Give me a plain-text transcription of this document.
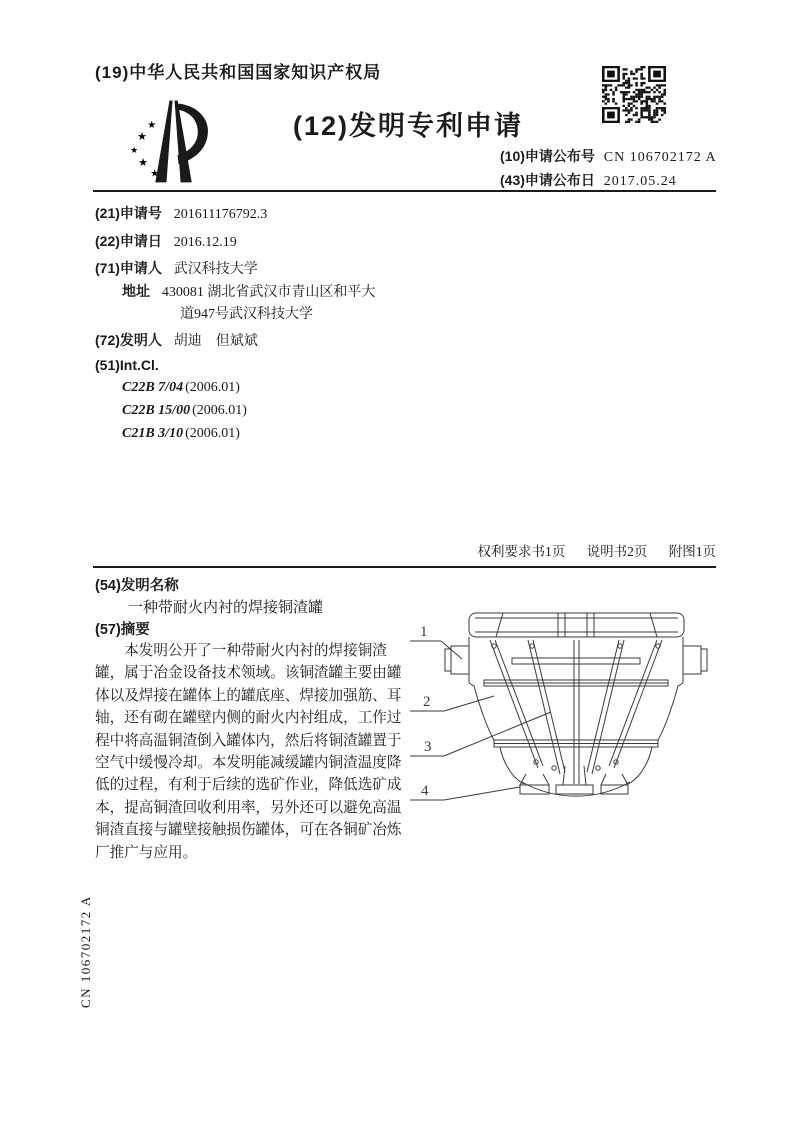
(19)中华人民共和国国家知识产权局
★
★
★
★
★
(12)发明专利申请
(10)申请公布号 CN 106702172 A
(43)申请公布日 2017.05.24
(21)申请号 201611176792.3
(22)申请日 2016.12.19
(71)申请人 武汉科技大学
地址 430081 湖北省武汉市青山区和平大
道947号武汉科技大学
(72)发明人 胡迪　但斌斌
(51)Int.Cl.
C22B 7/04 (2006.01)
C22B 15/00 (2006.01)
C21B 3/10 (2006.01)
权利要求书1页 说明书2页 附图1页
(54)发明名称
一种带耐火内衬的焊接铜渣罐
(57)摘要
本发明公开了一种带耐火内衬的焊接铜渣
罐，属于冶金设备技术领域。该铜渣罐主要由罐
体以及焊接在罐体上的罐底座、焊接加强筋、耳
轴，还有砌在罐壁内侧的耐火内衬组成，工作过
程中将高温铜渣倒入罐体内，然后将铜渣罐置于
空气中缓慢冷却。本发明能减缓罐内铜渣温度降
低的过程，有利于后续的选矿作业，降低选矿成
本，提高铜渣回收利用率，另外还可以避免高温
铜渣直接与罐壁接触损伤罐体，可在各铜矿冶炼
厂推广与应用。
1
2
3
4
CN 106702172 A
